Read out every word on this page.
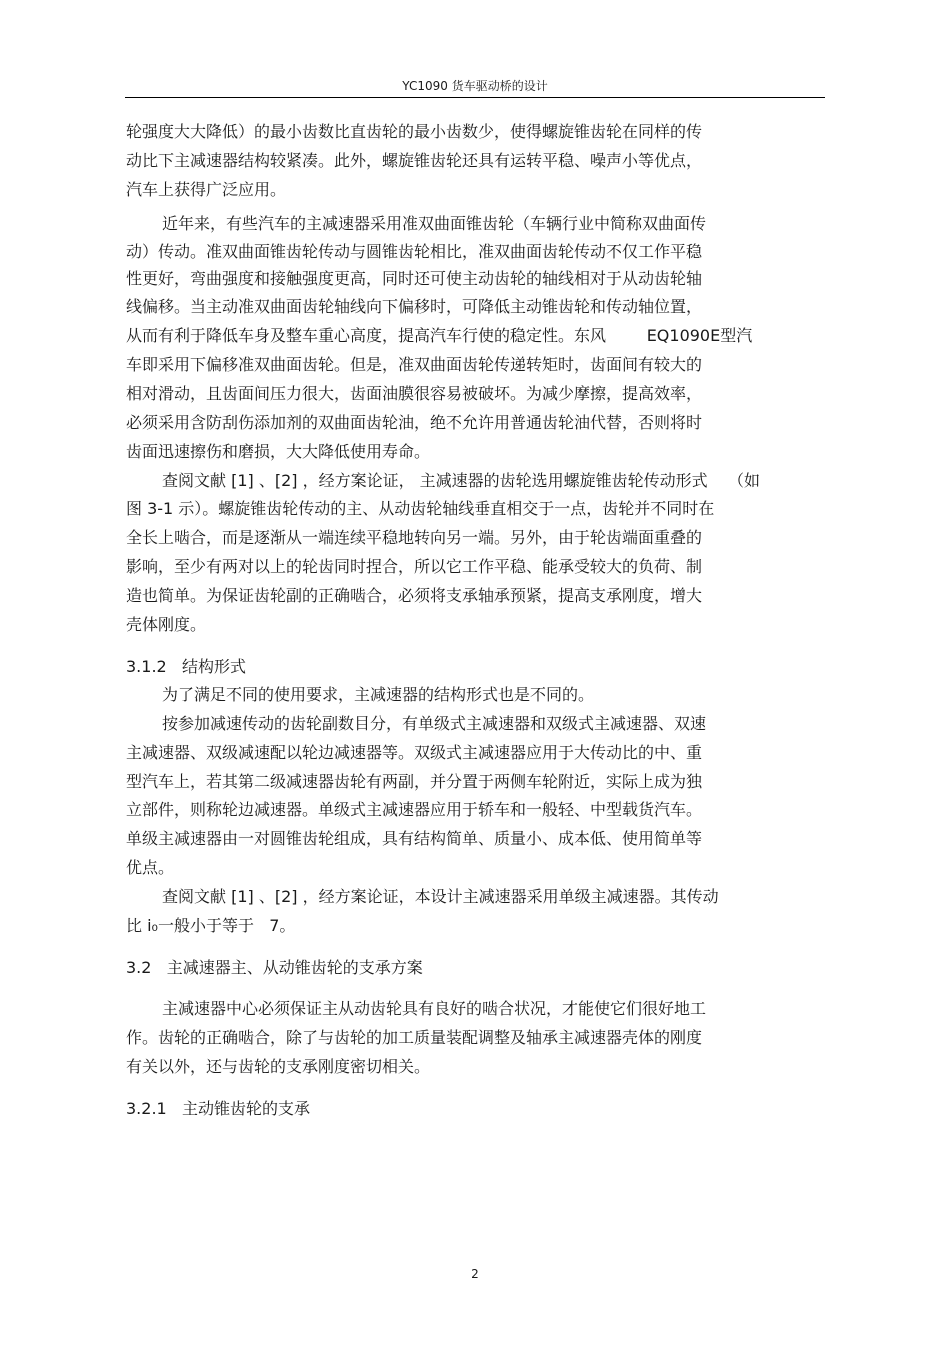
YC1090 货车驱动桥的设计
轮强度大大降低）的最小齿数比直齿轮的最小齿数少，使得螺旋锥齿轮在同样的传
动比下主减速器结构较紧凑。此外，螺旋锥齿轮还具有运转平稳、噪声小等优点，
汽车上获得广泛应用。
近年来，有些汽车的主减速器采用准双曲面锥齿轮（车辆行业中简称双曲面传
动）传动。准双曲面锥齿轮传动与圆锥齿轮相比，准双曲面齿轮传动不仅工作平稳
性更好，弯曲强度和接触强度更高，同时还可使主动齿轮的轴线相对于从动齿轮轴
线偏移。当主动准双曲面齿轮轴线向下偏移时，可降低主动锥齿轮和传动轴位置，
从而有利于降低车身及整车重心高度，提高汽车行使的稳定性。东风        EQ1090E型汽
车即采用下偏移准双曲面齿轮。但是，准双曲面齿轮传递转矩时，齿面间有较大的
相对滑动，且齿面间压力很大，齿面油膜很容易被破坏。为减少摩擦，提高效率，
必须采用含防刮伤添加剂的双曲面齿轮油，绝不允许用普通齿轮油代替，否则将时
齿面迅速擦伤和磨损，大大降低使用寿命。
查阅文献 [1] 、[2] ，经方案论证， 主减速器的齿轮选用螺旋锥齿轮传动形式    （如
图 3-1 示）。螺旋锥齿轮传动的主、从动齿轮轴线垂直相交于一点，齿轮并不同时在
全长上啮合，而是逐渐从一端连续平稳地转向另一端。另外，由于轮齿端面重叠的
影响，至少有两对以上的轮齿同时捏合，所以它工作平稳、能承受较大的负荷、制
造也简单。为保证齿轮副的正确啮合，必须将支承轴承预紧，提高支承刚度，增大
壳体刚度。
3.1.2   结构形式
为了满足不同的使用要求，主减速器的结构形式也是不同的。
按参加减速传动的齿轮副数目分，有单级式主减速器和双级式主减速器、双速
主减速器、双级减速配以轮边减速器等。双级式主减速器应用于大传动比的中、重
型汽车上，若其第二级减速器齿轮有两副，并分置于两侧车轮附近，实际上成为独
立部件，则称轮边减速器。单级式主减速器应用于轿车和一般轻、中型载货汽车。
单级主减速器由一对圆锥齿轮组成，具有结构简单、质量小、成本低、使用简单等
优点。
查阅文献 [1] 、[2] ，经方案论证，本设计主减速器采用单级主减速器。其传动
比 i₀一般小于等于   7。
3.2   主减速器主、从动锥齿轮的支承方案
主减速器中心必须保证主从动齿轮具有良好的啮合状况，才能使它们很好地工
作。齿轮的正确啮合，除了与齿轮的加工质量装配调整及轴承主减速器壳体的刚度
有关以外，还与齿轮的支承刚度密切相关。
3.2.1   主动锥齿轮的支承
2
